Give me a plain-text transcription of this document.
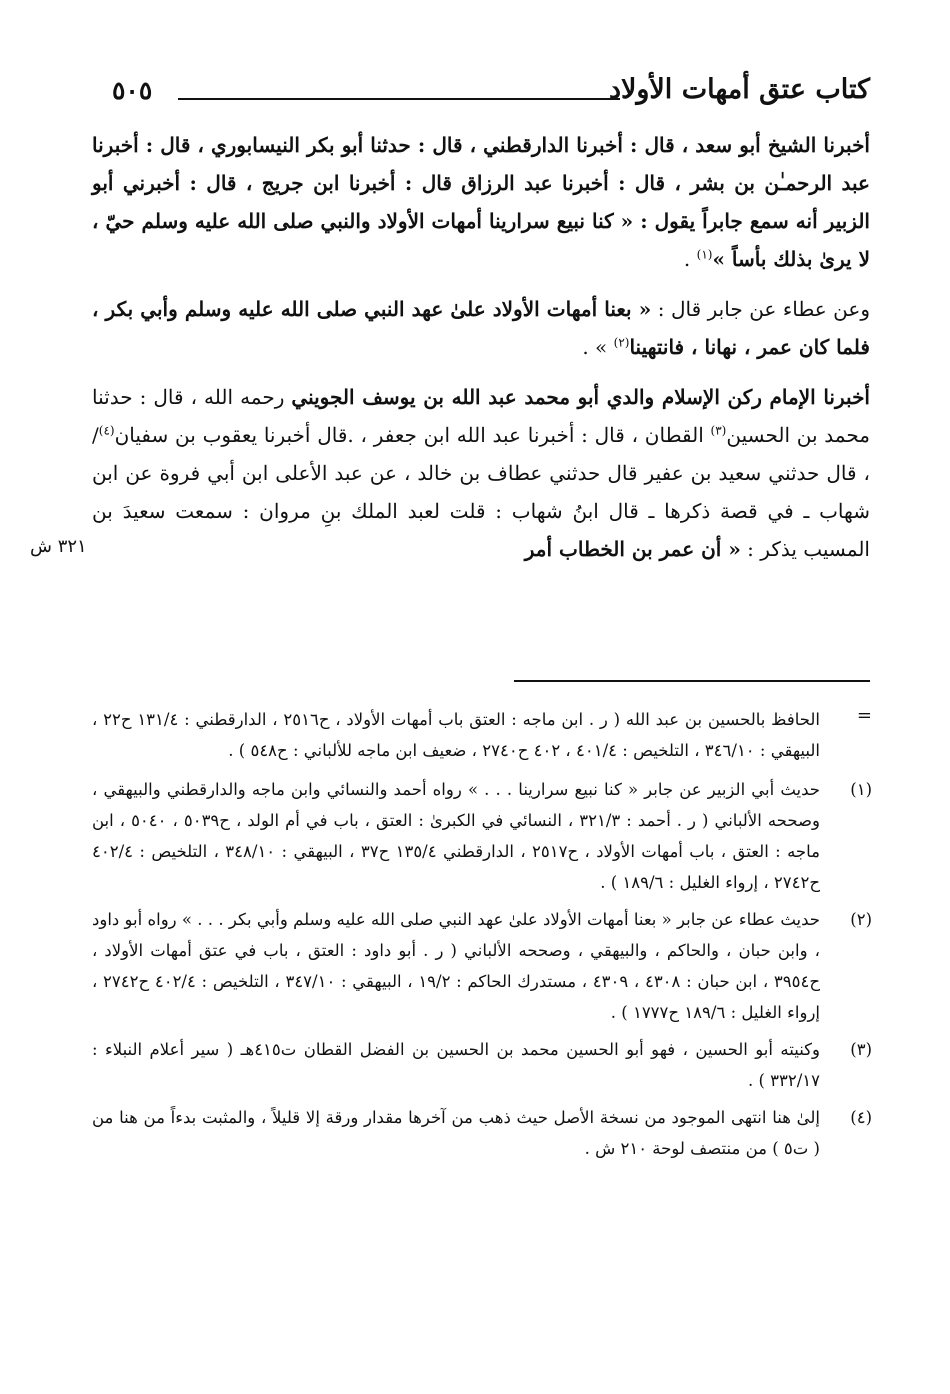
كتاب عتق أمهات الأولاد
٥٠٥
٣٢١ ش

أخبرنا الشيخ أبو سعد ، قال : أخبرنا الدارقطني ، قال : حدثنا أبو بكر النيسابوري ، قال : أخبرنا عبد الرحمـٰن بن بشر ، قال : أخبرنا عبد الرزاق قال : أخبرنا ابن جريج ، قال : أخبرني أبو الزبير أنه سمع جابراً يقول : « كنا نبيع سرارينا أمهات الأولاد والنبي صلى الله عليه وسلم حيّ ، لا يرىٰ بذلك بأساً »$^{(١)}$ .

وعن عطاء عن جابر قال : « بعنا أمهات الأولاد علىٰ عهد النبي صلى الله عليه وسلم وأبي بكر ، فلما كان عمر ، نهانا ، فانتهينا$^{(٢)}$ » .

أخبرنا الإمام ركن الإسلام والدي أبو محمد عبد الله بن يوسف الجويني رحمه الله ، قال : حدثنا محمد بن الحسين$^{(٣)}$ القطان ، قال : أخبرنا عبد الله ابن جعفر ، .قال أخبرنا يعقوب بن سفيان$^{(٤)}$/ ، قال حدثني سعيد بن عفير قال حدثني عطاف بن خالد ، عن عبد الأعلى ابن أبي فروة عن ابن شهاب ـ في قصة ذكرها ـ قال ابنُ شهاب : قلت لعبد الملك بنِ مروان : سمعت سعيدَ بن المسيب يذكر : « أن عمر بن الخطاب أمر

=
الحافظ بالحسين بن عبد الله ( ر . ابن ماجه : العتق باب أمهات الأولاد ، ح٢٥١٦ ، الدارقطني : ١٣١/٤ ح٢٢ ، البيهقي : ٣٤٦/١٠ ، التلخيص : ٤٠١/٤ ، ٤٠٢ ح٢٧٤٠ ، ضعيف ابن ماجه للألباني : ح٥٤٨ ) .

(١)
حديث أبي الزبير عن جابر « كنا نبيع سرارينا . . . » رواه أحمد والنسائي وابن ماجه والدارقطني والبيهقي ، وصححه الألباني ( ر . أحمد : ٣٢١/٣ ، النسائي في الكبرىٰ : العتق ، باب في أم الولد ، ح٥٠٣٩ ، ٥٠٤٠ ، ابن ماجه : العتق ، باب أمهات الأولاد ، ح٢٥١٧ ، الدارقطني ١٣٥/٤ ح٣٧ ، البيهقي : ٣٤٨/١٠ ، التلخيص : ٤٠٢/٤ ح٢٧٤٢ ، إرواء الغليل : ١٨٩/٦ ) .

(٢)
حديث عطاء عن جابر « بعنا أمهات الأولاد علىٰ عهد النبي صلى الله عليه وسلم وأبي بكر . . . » رواه أبو داود ، وابن حبان ، والحاكم ، والبيهقي ، وصححه الألباني ( ر . أبو داود : العتق ، باب في عتق أمهات الأولاد ، ح٣٩٥٤ ، ابن حبان : ٤٣٠٨ ، ٤٣٠٩ ، مستدرك الحاكم : ١٩/٢ ، البيهقي : ٣٤٧/١٠ ، التلخيص : ٤٠٢/٤ ح٢٧٤٢ ، إرواء الغليل : ١٨٩/٦ ح١٧٧٧ ) .

(٣)
وكنيته أبو الحسين ، فهو أبو الحسين محمد بن الحسين بن الفضل القطان ت٤١٥هـ ( سير أعلام النبلاء : ٣٣٢/١٧ ) .

(٤)
إلىٰ هنا انتهى الموجود من نسخة الأصل حيث ذهب من آخرها مقدار ورقة إلا قليلاً ، والمثبت بدءاً من هنا من ( ت٥ ) من منتصف لوحة ٢١٠ ش .
